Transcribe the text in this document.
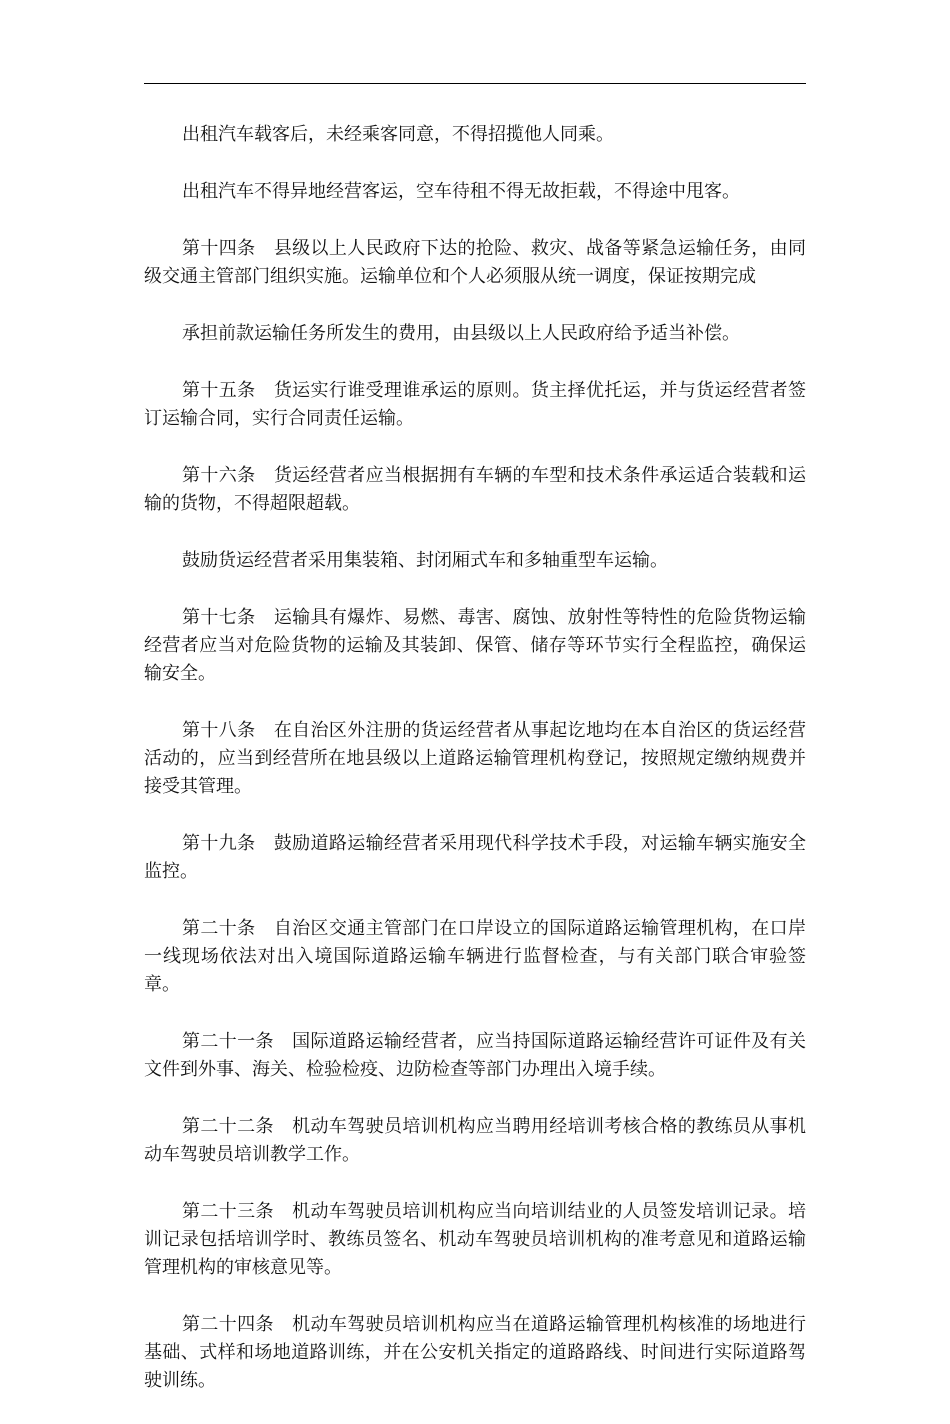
出租汽车载客后，未经乘客同意，不得招揽他人同乘。

出租汽车不得异地经营客运，空车待租不得无故拒载，不得途中甩客。

第十四条　县级以上人民政府下达的抢险、救灾、战备等紧急运输任务，由同级交通主管部门组织实施。运输单位和个人必须服从统一调度，保证按期完成

承担前款运输任务所发生的费用，由县级以上人民政府给予适当补偿。

第十五条　货运实行谁受理谁承运的原则。货主择优托运，并与货运经营者签订运输合同，实行合同责任运输。

第十六条　货运经营者应当根据拥有车辆的车型和技术条件承运适合装载和运输的货物，不得超限超载。

鼓励货运经营者采用集装箱、封闭厢式车和多轴重型车运输。

第十七条　运输具有爆炸、易燃、毒害、腐蚀、放射性等特性的危险货物运输经营者应当对危险货物的运输及其装卸、保管、储存等环节实行全程监控，确保运输安全。

第十八条　在自治区外注册的货运经营者从事起讫地均在本自治区的货运经营活动的，应当到经营所在地县级以上道路运输管理机构登记，按照规定缴纳规费并接受其管理。

第十九条　鼓励道路运输经营者采用现代科学技术手段，对运输车辆实施安全监控。

第二十条　自治区交通主管部门在口岸设立的国际道路运输管理机构，在口岸一线现场依法对出入境国际道路运输车辆进行监督检查，与有关部门联合审验签章。

第二十一条　国际道路运输经营者，应当持国际道路运输经营许可证件及有关文件到外事、海关、检验检疫、边防检查等部门办理出入境手续。

第二十二条　机动车驾驶员培训机构应当聘用经培训考核合格的教练员从事机动车驾驶员培训教学工作。

第二十三条　机动车驾驶员培训机构应当向培训结业的人员签发培训记录。培训记录包括培训学时、教练员签名、机动车驾驶员培训机构的准考意见和道路运输管理机构的审核意见等。

第二十四条　机动车驾驶员培训机构应当在道路运输管理机构核准的场地进行基础、式样和场地道路训练，并在公安机关指定的道路路线、时间进行实际道路驾驶训练。
